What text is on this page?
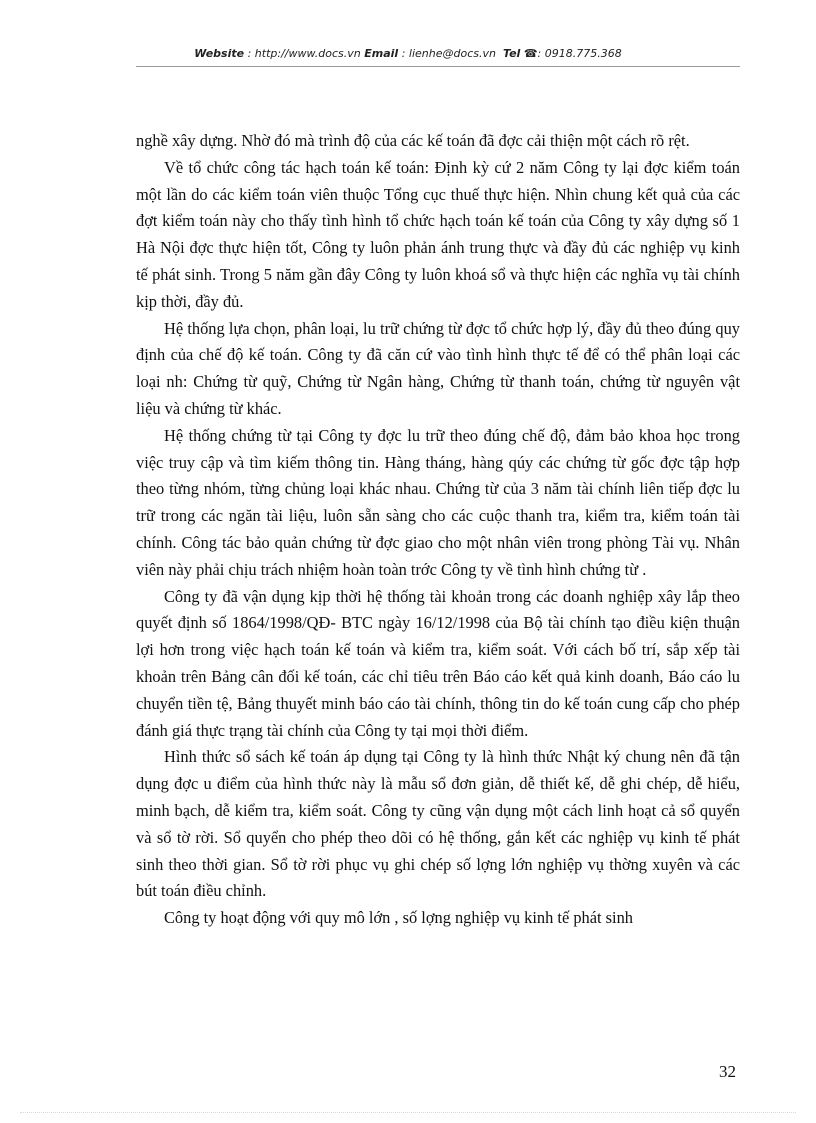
Website : http://www.docs.vn Email : lienhe@docs.vn Tel ☎: 0918.775.368

nghề xây dựng. Nhờ đó mà trình độ của các kế toán đã đợc cải thiện một cách rõ rệt.

Về tổ chức công tác hạch toán kế toán: Định kỳ cứ 2 năm Công ty lại đợc kiểm toán một lần do các kiểm toán viên thuộc Tổng cục thuế thực hiện. Nhìn chung kết quả của các đợt kiểm toán này cho thấy tình hình tổ chức hạch toán kế toán của Công ty xây dựng số 1 Hà Nội đợc thực hiện tốt, Công ty luôn phản ánh trung thực và đầy đủ các nghiệp vụ kinh tế phát sinh. Trong 5 năm gần đây Công ty luôn khoá sổ và thực hiện các nghĩa vụ tài chính kịp thời, đầy đủ.

Hệ thống lựa chọn, phân loại, lu trữ chứng từ đợc tổ chức hợp lý, đầy đủ theo đúng quy định của chế độ kế toán. Công ty đã căn cứ vào tình hình thực tế để có thể phân loại các loại nh: Chứng từ quỹ, Chứng từ Ngân hàng, Chứng từ thanh toán, chứng từ nguyên vật liệu và chứng từ khác.

Hệ thống chứng từ tại Công ty đợc lu trữ theo đúng chế độ, đảm bảo khoa học trong việc truy cập và tìm kiếm thông tin. Hàng tháng, hàng qúy các chứng từ gốc đợc tập hợp theo từng nhóm, từng chủng loại khác nhau. Chứng từ của 3 năm tài chính liên tiếp đợc lu trữ trong các ngăn tài liệu, luôn sẵn sàng cho các cuộc thanh tra, kiểm tra, kiểm toán tài chính. Công tác bảo quản chứng từ đợc giao cho một nhân viên trong phòng Tài vụ. Nhân viên này phải chịu trách nhiệm hoàn toàn trớc Công ty về tình hình chứng từ .

Công ty đã vận dụng kịp thời hệ thống tài khoản trong các doanh nghiệp xây lắp theo quyết định số 1864/1998/QĐ- BTC ngày 16/12/1998 của Bộ tài chính tạo điều kiện thuận lợi hơn trong việc hạch toán kế toán và kiểm tra, kiểm soát. Với cách bố trí, sắp xếp tài khoản trên Bảng cân đối kế toán, các chỉ tiêu trên Báo cáo kết quả kinh doanh, Báo cáo lu chuyển tiền tệ, Bảng thuyết minh báo cáo tài chính, thông tin do kế toán cung cấp cho phép đánh giá thực trạng tài chính của Công ty tại mọi thời điểm.

Hình thức sổ sách kế toán áp dụng tại Công ty là hình thức Nhật ký chung nên đã tận dụng đợc u điểm của hình thức này là mẫu sổ đơn giản, dễ thiết kế, dễ ghi chép, dễ hiểu, minh bạch, dễ kiểm tra, kiểm soát. Công ty cũng vận dụng một cách linh hoạt cả sổ quyển và sổ tờ rời. Sổ quyển cho phép theo dõi có hệ thống, gắn kết các nghiệp vụ kinh tế phát sinh theo thời gian. Sổ tờ rời phục vụ ghi chép số lợng lớn nghiệp vụ thờng xuyên và các bút toán điều chỉnh.

Công ty hoạt động với quy mô lớn , số lợng nghiệp vụ kinh tế phát sinh

32
